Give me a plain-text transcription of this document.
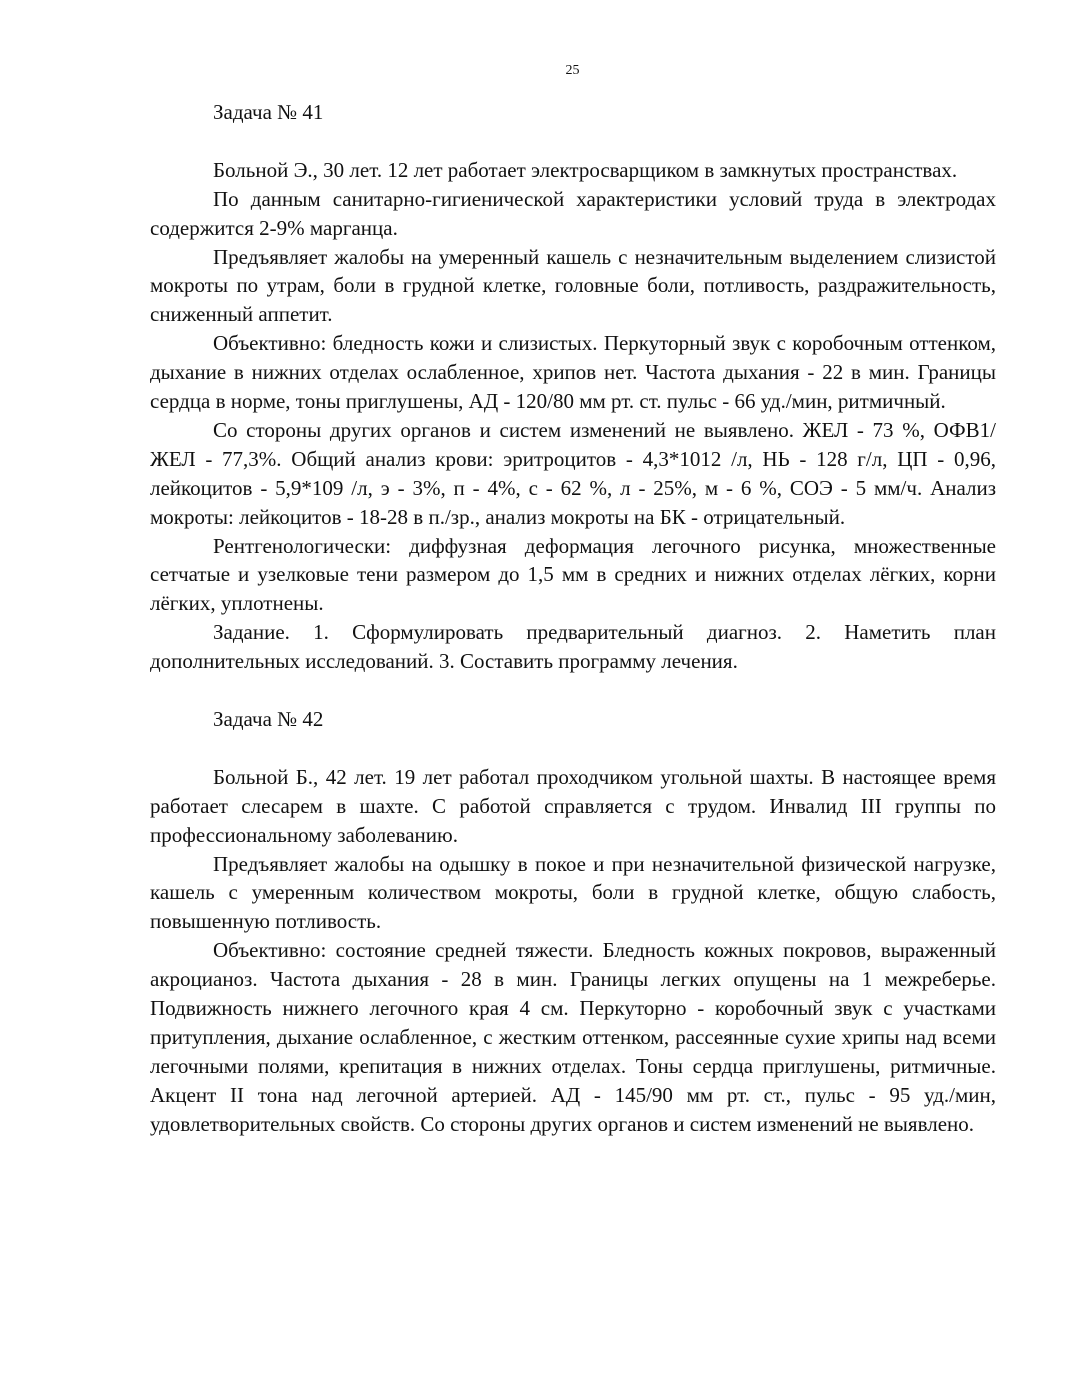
25

Задача № 41

Больной Э., 30 лет. 12 лет работает электросварщиком в замкнутых пространствах.

По данным санитарно-гигиенической характеристики условий труда в электродах содержится 2-9% марганца.

Предъявляет жалобы на умеренный кашель с незначительным выделением слизистой мокроты по утрам, боли в грудной клетке, головные боли, потливость, раздражительность, сниженный аппетит.

Объективно: бледность кожи и слизистых. Перкуторный звук с коробочным оттенком, дыхание в нижних отделах ослабленное, хрипов нет. Частота дыхания - 22 в мин. Границы сердца в норме, тоны приглушены, АД - 120/80 мм рт. ст. пульс - 66 уд./мин, ритмичный.

Со стороны других органов и систем изменений не выявлено. ЖЕЛ - 73 %, ОФВ1/ЖЕЛ - 77,3%. Общий анализ крови: эритроцитов - 4,3*1012 /л, НЬ - 128 г/л, ЦП - 0,96, лейкоцитов - 5,9*109 /л, э - 3%, п - 4%, с - 62 %, л - 25%, м - 6 %, СОЭ - 5 мм/ч. Анализ мокроты: лейкоцитов - 18-28 в п./зр., анализ мокроты на БК - отрицательный.

Рентгенологически: диффузная деформация легочного рисунка, множественные сетчатые и узелковые тени размером до 1,5 мм в средних и нижних отделах лёгких, корни лёгких, уплотнены.

Задание. 1. Сформулировать предварительный диагноз. 2. Наметить план дополнительных исследований. 3. Составить программу лечения.

Задача № 42

Больной Б., 42 лет. 19 лет работал проходчиком угольной шахты. В настоящее время работает слесарем в шахте. С работой справляется с трудом. Инвалид III группы по профессиональному заболеванию.

Предъявляет жалобы на одышку в покое и при незначительной физической нагрузке, кашель с умеренным количеством мокроты, боли в грудной клетке, общую слабость, повышенную потливость.

Объективно: состояние средней тяжести. Бледность кожных покровов, выраженный акроцианоз. Частота дыхания - 28 в мин. Границы легких опущены на 1 межреберье. Подвижность нижнего легочного края 4 см. Перкуторно - коробочный звук с участками притупления, дыхание ослабленное, с жестким оттенком, рассеянные сухие хрипы над всеми легочными полями, крепитация в нижних отделах. Тоны сердца приглушены, ритмичные. Акцент II тона над легочной артерией. АД - 145/90 мм рт. ст., пульс - 95 уд./мин, удовлетворительных свойств. Со стороны других органов и систем изменений не выявлено.
